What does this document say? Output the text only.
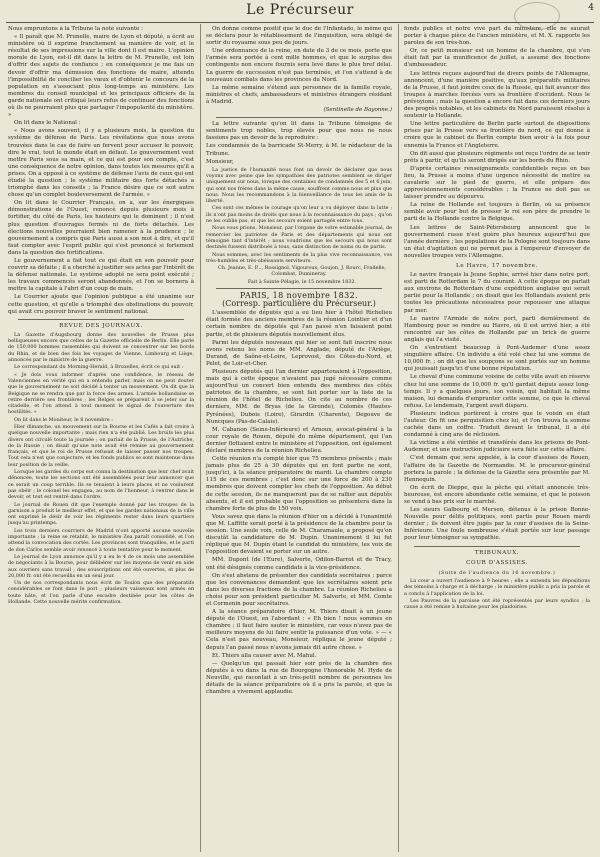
Le Précurseur	4

Nous empruntons à la Tribune la note suivante :

« Il paraît que M. Prunelle, maire de Lyon et député, a écrit au ministère où il exprime franchement sa manière de voir, et le résultat de ses impressions sur la ville dont il est maire. L'opinion morale de Lyon, est-il dit dans la lettre de M. Prunelle, est loin d'offrir des sujets de confiance ; en conséquence je me fais un devoir d'offrir ma démission des fonctions de maire, attendu l'impossibilité de concilier les vœux et d'obtenir le concours de la population en s'associant plus long-temps au ministère. Les membres du conseil municipal et les principaux officiers de la garde nationale ont critiqué leurs refus de continuer des fonctions où ils ne pourraient plus que partager l'impopularité du ministère. »

On lit dans le National :

« Nous avons souvent, il y a plusieurs mois, la question du système de défense de Paris. Les révélations que nous avons trouvées dans le cas de faire un fervent pour accuser le pouvoir, dire le vrai, tout le monde était en défaut. Le gouvernement veut mettre Paris sous sa main, et ce qui est pour son compte, c'est une conséquence de notre opinion, dans toutes les mesures qu'il a prises. On a opposé à ce système de défense l'avis de ceux qui ont étudié la question ; le système militaire des forts détachés a triomphé dans les conseils ; la France désire que ce soit autre chose qu'un complet bouleversement de l'armée. »

On lit dans le Courrier Français, on a, sur les énergiques démonstrations de l'Ouest, renoncé depuis plusieurs mois à fortifier, du côté de Paris, les hauteurs qui le dominent ; il n'est plus question d'ouvrages fermés ni de forts détachés. Les élections nouvelles pourraient bien ramener à la prudence ; le gouvernement a compris que Paris aussi a son mot à dire, et qu'il faut compter avec l'esprit public qui s'est prononcé si fortement dans la question des fortifications.

Le gouvernement a fait tout ce qui était en son pouvoir pour couvrir sa défaite ; il a cherché à justifier ses actes par l'intérêt de la défense nationale. Le système adopté ne sera point exécuté ; les travaux commencés seront abandonnés, et l'on se bornera à mettre la capitale à l'abri d'un coup de main.

Le Courrier ajoute que l'opinion publique a été unanime sur cette question, et qu'elle a triomphé des obstinations du pouvoir, qui avait cru pouvoir braver le sentiment national.

REVUE DES JOURNAUX.

La Gazette d'Augsbourg donne des nouvelles de Prusse plus belliqueuses encore que celles de la Gazette officielle de Berlin. Elle parle de 150,000 hommes rassemblés qui doivent se concentrer sur les bords du Rhin, et de bien des fois les voyages de Vienne, Limbourg et Liège, annoncés par le ministre de la guerre.

Le correspondant du Morning-Herald, à Bruxelles, écrit ce qui suit :

« Je dois vous informer d'après une confidence, le réseau de Valenciennes en vérité qui en a entendu parler, mais on ne peut douter que le gouvernement ne soit décidé à tenter un mouvement. On dit que la Belgique ne se rendra que par la force des armes. L'armée hollandaise se retire derrière ses frontières ; les Belges se préparent à se jeter sur la citadelle, et l'on attend à tout moment le signal de l'ouverture des hostilités. »

On lit dans le Moniteur, le 8 novembre :

Hier dimanche, un mouvement sur la Bourse et les Cafés a fait croire à quelque nouvelle importante ; mais rien n'a été publié. Les bruits les plus divers ont circulé toute la journée ; on parlait de la Prusse, de l'Autriche, de la Russie ; on disait qu'une note avait été remise au gouvernement français, et que le roi de Prusse refusait de laisser passer nos troupes. Tout cela n'est que conjecture, et les fonds publics se sont maintenus dans leur position de la veille.

Lorsque les gardes du corps eut connu la destination que leur chef avait dénoncée, toute les sections ont été assemblées pour leur annoncer que ce serait un coup terrible. Ils se tenaient à leurs places et ne voulurent pas obéir ; le colonel les engagea, au nom de l'honneur, à rentrer dans le devoir, et tout est rentré dans l'ordre.

Le journal de Rouen dit que l'exemple donné par les troupes de la garnison a produit le meilleur effet, et que les gardes nationaux de la ville ont exprimé le désir de voir les régiments rester dans leurs quartiers jusqu'au printemps.

Les trois derniers courriers de Madrid n'ont apporté aucune nouvelle importante ; la reine se rétablit, le ministère Zea paraît consolidé, et l'on attend la convocation des cortès. Les provinces sont tranquilles, et le parti de don Carlos semble avoir renoncé à toute tentative pour le moment.

Le journal de Lyon annonce qu'il y a eu le 4 de ce mois une assemblée de négociants à la Bourse, pour délibérer sur les moyens de venir en aide aux ouvriers sans travail ; des souscriptions ont été ouvertes, et plus de 20,000 fr. ont été recueillis en un seul jour.

Un de nos correspondants nous écrit de Toulon que des préparatifs considérables se font dans le port ; plusieurs vaisseaux sont armés en toute hâte, et l'on parle d'une escadre destinée pour les côtes de Hollande. Cette nouvelle mérite confirmation.

On donne comme positif que le duc de l'Infantado, le même qui se déclara pour le rétablissement de l'inquisition, sera obligé de sortir du royaume sous peu de jours.

Une ordonnance de la reine, en date du 3 de ce mois, porte que l'armée sera portée à cent mille hommes, et que le surplus des contingents non encore fournis sera levé dans le plus bref délai. La guerre de succession n'est pas terminée, et l'on s'attend à de nouveaux combats dans les provinces du Nord.

La même semaine s'étend aux personnes de la famille royale, ministres et chefs, ambassadeurs et ministres étrangers résidant à Madrid.

(Sentinelle de Bayonne.)

La lettre suivante qu'on lit dans la Tribune témoigne de sentiments trop nobles, trop élevés pour que nous ne nous fassions pas un devoir de la reproduire :

Les condamnés de la barricade St-Merry, à M. le rédacteur de la Tribune.

Monsieur,

La justice de l'humanité nous font un devoir de déclarer que nous voyons avec peine que les sympathies des patriotes semblent se diriger uniquement sur nous, lorsque des centaines de condamnés des 5 et 6 juin, qui sont nos frères dans la même cause, souffrent comme nous et plus que nous. Nous les recommandons à la bienveillance de tous les amis de la liberté.

Ces sont ces mêmes le courage qu'on leur a vu déployer dans la lutte ; ils n'ont pas moins de droits que nous à la reconnaissance du pays ; qu'on ne les oublie pas, et que les secours soient partagés entre tous.

Nous vous prions, Monsieur, par l'organe de votre estimable journal, de remercier les patriotes de Paris et des départements qui nous ont témoigné tant d'intérêt ; nous voudrions que les secours qui nous sont destinés fussent distribués à tous, sans distinction de noms ou de partis.

Nous sommes, avec les sentiments de la plus vive reconnaissance, vos très-humbles et très-obéissants serviteurs.

Ch. Jeanne, E. P..., Rossignol, Vigouroux, Goujon, J. Rourc, Fradelle, Colombat, Dumineray.

Fait à Sainte-Pélagie, le 15 novembre 1832.

PARIS, 18 novembre 1832.
(Corresp. particulière du Précurseur.)

L'assemblée de députés qui a eu lieu hier à l'hôtel Richelieu était formée des anciens membres de la réunion Lointier et d'un certain nombre de députés qui l'an passé n'en faisaient point partie, et de plusieurs députés nouvellement élus.

Parmi les députés nouveaux qui hier se sont fait inscrire nous avons retenu les noms de MM. Anglade, député de l'Ariège, Durand, de Saône-et-Loire, Leprovost, des Côtes-du-Nord, et Pelet, de Loir-et-Cher.

Plusieurs députés qui l'an dernier appartenaient à l'opposition, mais qui à cette époque n'avaient pas jugé nécessaire comme aujourd'hui un concert bien entendu des membres des côtés patriotes de la chambre, se sont fait porter sur la liste de la réunion de l'hôtel de Richelieu. On cite au nombre de ces derniers, MM. de Bryas (de la Gironde), Colomès (Hautes-Pyrénées), Dubois (Loire), Girardin (Charente), Degouve de Nuncques (Pas-de-Calais).

M. Cabanon (Seine-Inférieure) et Arnoux, avocat-général à la cour royale de Rouen, député du même département, qui l'an dernier flottaient entre le ministère et l'opposition, ont également déclaré membres de la réunion Richelieu.

Cette réunion n'a compté hier que 75 membres présents ; mais jamais plus de 25 à 30 députés qui en font partie ne sont, jusqu'ici, à la séance préparatoire de mardi. La chambre compte 115 de ces membres ; c'est donc sur une force de 200 à 230 membres que doivent compter les chefs de l'opposition. Au début de cette session, ils ne manqueront pas de se rallier aux députés absents, et il est probable que l'opposition se présentera dans la chambre forte de plus de 150 voix.

Vous savez que dans la réunion d'hier on a décidé à l'unanimité que M. Laffitte serait porté à la présidence de la chambre pour la session. Une seule voix, celle de M. Charamaule, a proposé qu'on discutât la candidature de M. Dupin. Unanimement il lui fut répliqué que M. Dupin étant le candidat du ministère, les voix de l'opposition devaient se porter sur un autre.

MM. Dupont (de l'Eure), Salverte, Odilon-Barrot et de Tracy, ont été désignés comme candidats à la vice-présidence.

On s'est abstenu de présenter des candidats secrétaires ; parce que les convenances demandent que les secrétaires soient pris dans les diverses fractions de la chambre. La réunion Richelieu a choisi pour son président particulier M. Salverte, et MM. Comte et Cormenin pour secrétaires.

A la séance préparatoire d'hier, M. Thiers disait à un jeune député de l'Ouest, en l'abordant : « Eh bien ! nous sommes en chambre ; il faut faire sauter le ministère, car vous n'avez pas de meilleurs moyens de lui faire sentir la puissance d'un vote. » — « Cela n'est pas nouveau, Monsieur, répliqua le jeune député ; depuis l'an passé nous n'avons jamais dit autre chose. »

Et. Thiers alla causer avec M. Mahul.

— Quelqu'un qui passait hier soir près de la chambre des députés à vu dans la rue de Bourgogne l'honorable M. Hyde de Neuville, qui racontait à un très-petit nombre de personnes les détails de la séance préparatoire où il a pris la parole, et que la chambre a vivement applaudie.

fonds publics et notre vive part du ministère, elle ne saurait porter à chaque pièce de l'ancien ministère, et M. X. rapporte les paroles de son très-hon.

Or, ce petit monsieur est un homme de la chambre, qui s'en était fait par la munificence de juillet, a assumé des fonctions d'ambassadeur.

Les lettres reçues aujourd'hui de divers points de l'Allemagne, annoncent, d'une manière positive, qu'aux préparatifs militaires de la Prusse, il faut joindre ceux de la Russie, qui fait avancer des troupes à marches forcées vers sa frontière d'occident. Nous le prévoyions ; mais la question a encore fait dans ces derniers jours des progrès notables, et les cabinets du Nord paraissent résolus à soutenir la Hollande.

Une lettre particulière de Berlin parle surtout de dispositions prises par la Prusse vers sa frontière du nord, ce qui donne à croire que le cabinet de Berlin compte bien avoir à la fois pour ennemis la France et l'Angleterre.

On dit aussi que plusieurs régiments ont reçu l'ordre de se tenir prêts à partir, et qu'ils seront dirigés sur les bords du Rhin.

D'après certaines renseignements confidentiels reçus en bas lieu, la Prusse a moins d'une urgence nécessité de mettre sa cavalerie sur le pied de guerre, et elle prépare des approvisionnements considérables ; la France ne doit pas se laisser prendre au dépourvu.

La reine de Hollande est toujours à Berlin, où sa présence semble avoir pour but de presser le roi son père de prendre le parti de la Hollande contre la Belgique.

Les lettres de Saint-Pétersbourg annoncent que le gouvernement russe n'est guère plus heureux aujourd'hui que l'année dernière ; les populations de la Pologne sont toujours dans un état d'agitation qui ne permet pas à l'empereur d'envoyer de nouvelles troupes vers l'Allemagne.

Le Havre, 17 novembre.

Le navire français la Jeune Sophie, arrivé hier dans notre port, est parti de Rotterdam le 7 du courant. A cette époque on parlait aux environs de Rotterdam d'une expédition anglaise qui serait partie pour la Hollande ; on disait que les Hollandais avaient pris toutes les précautions nécessaires pour repousser une attaque par mer.

Le navire l'Armide de notre port, parti dernièrement de Hambourg pour se rendre au Havre, où il est arrivé hier, a été rencontré sur les côtes de Hollande par un brick de guerre anglais qui l'a visité.

On s'entretient beaucoup à Pont-Audemer d'une assez singulière affaire. Un individu a été volé chez lui une somme de 10,000 fr. ; on dit que les soupçons se sont portés sur un homme qui jouissait jusqu'ici d'une bonne réputation.

Le cheval d'une commune voisine de cette ville avait en réserve chez lui une somme de 10,000 fr. qu'il gardait depuis assez long-temps. Il y a quelques jours, son voisin, qui habitait la même maison, lui demanda d'emprunter cette somme, ce que le cheval refusa. Le lendemain, l'argent avait disparu.

Plusieurs indices portèrent à croire que le voisin en était l'auteur. On fit une perquisition chez lui, et l'on trouva la somme cachée dans un coffre. Traduit devant le tribunal, il a été condamné à cinq ans de réclusion.

La victime a été vérifiée et transférée dans les prisons de Pont-Audemer, et une instruction judiciaire sera faite sur cette affaire.

C'est demain que sera appelée, à la cour d'assises de Rouen, l'affaire de la Gazette de Normandie. M. le procureur-général portera la parole ; la défense de la Gazette sera présentée par M. Hennequin.

On écrit de Dieppe, que la pêche qui s'était annoncée très-heureuse, est encore abondante cette semaine, et que le poisson se vend à bas prix sur le marché.

Les sieurs Galbourg et Mersen, détenus à la prison Bonne-Nouvelle pour délits politiques, sont partis pour Rouen mardi dernier ; ils doivent être jugés par la cour d'assises de la Seine-Inférieure. Une foule nombreuse s'était portée sur leur passage pour leur témoigner sa sympathie.

TRIBUNAUX.
COUR D'ASSISES.
(Suite de l'audience du 16 novembre.)

La cour a ouvert l'audience à 9 heures ; elle a entendu les dépositions des témoins à charge et à décharge ; le ministère public a pris la parole et a conclu à l'application de la loi.

Les Pauvres de la paroisse ont été représentés par leurs syndics ; la cause a été remise à huitaine pour les plaidoiries.
